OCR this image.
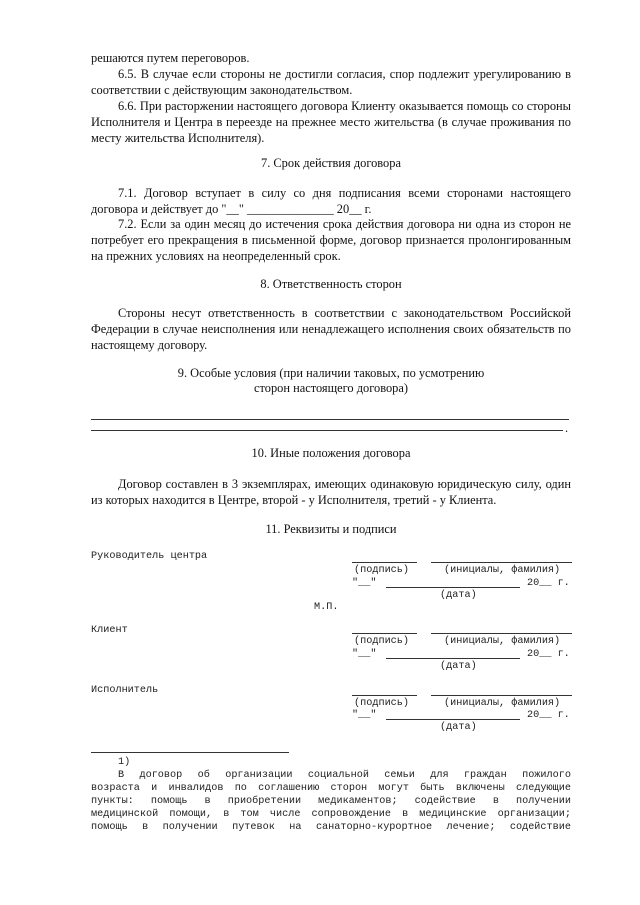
решаются путем переговоров.

6.5. В случае если стороны не достигли согласия, спор подлежит урегулированию в соответствии с действующим законодательством.

6.6. При расторжении настоящего договора Клиенту оказывается помощь со стороны Исполнителя и Центра в переезде на прежнее место жительства (в случае проживания по месту жительства Исполнителя).

7. Срок действия договора

7.1. Договор вступает в силу со дня подписания всеми сторонами настоящего

договора и действует до "__" ______________ 20__ г.

7.2. Если за один месяц до истечения срока действия договора ни одна из сторон не потребует его прекращения в письменной форме, договор признается пролонгированным на прежних условиях на неопределенный срок.

8. Ответственность сторон

Стороны несут ответственность в соответствии с законодательством Российской Федерации в случае неисполнения или ненадлежащего исполнения своих обязательств по настоящему договору.

9. Особые условия (при наличии таковых, по усмотрению

сторон настоящего договора)

.

10. Иные положения договора

Договор составлен в 3 экземплярах, имеющих одинаковую юридическую силу, один из которых находится в Центре, второй - у Исполнителя, третий - у Клиента.

11. Реквизиты и подписи

Руководитель центра
(подпись)	(инициалы, фамилия)
"__"	20__ г.
(дата)
М.П.
Клиент
(подпись)	(инициалы, фамилия)
"__"	20__ г.
(дата)
Исполнитель
(подпись)	(инициалы, фамилия)
"__"	20__ г.
(дата)
1)

В договор об организации социальной семьи для граждан пожилого

возраста и инвалидов по соглашению сторон могут быть включены следующие

пункты: помощь в приобретении медикаментов; содействие в получении

медицинской помощи, в том числе сопровождение в медицинские организации;

помощь в получении путевок на санаторно-курортное лечение; содействие
